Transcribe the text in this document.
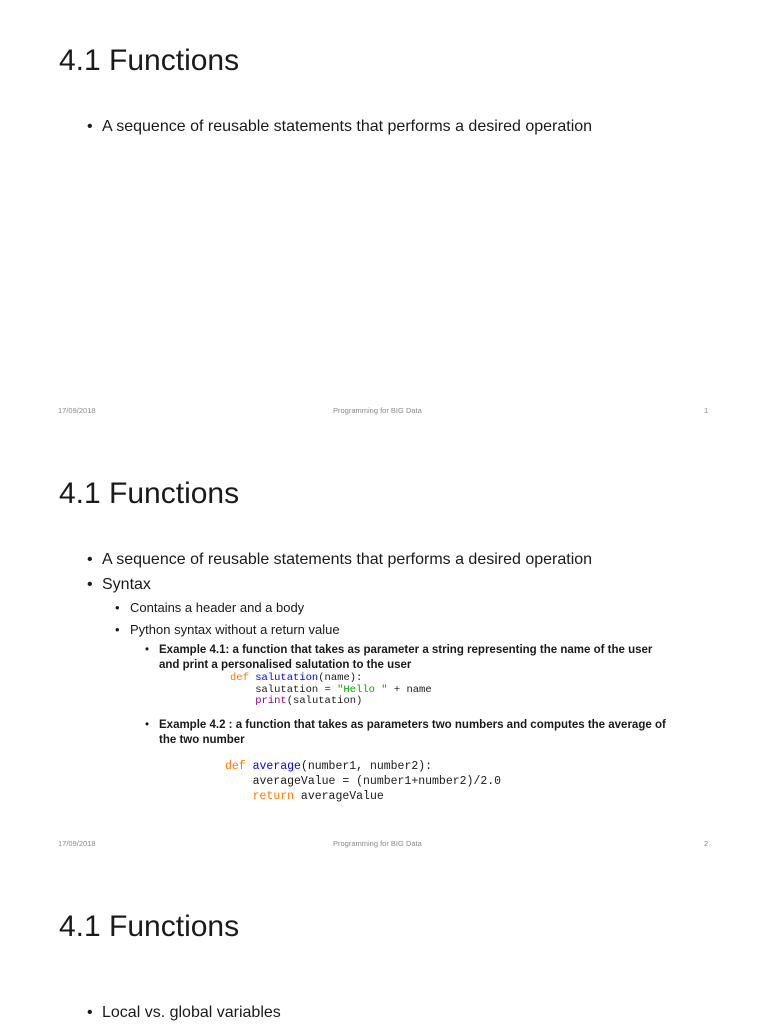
4.1 Functions
• A sequence of reusable statements that performs a desired operation
17/09/2018	Programming for BIG Data	1
4.1 Functions
• A sequence of reusable statements that performs a desired operation
• Syntax
• Contains a header and a body
• Python syntax without a return value
• Example 4.1: a function that takes as parameter a string representing the name of the user
and print a personalised salutation to the user
def salutation(name):
salutation = "Hello " + name
print(salutation)
• Example 4.2 : a function that takes as parameters two numbers and computes the average of
the two number
def average(number1, number2):
averageValue = (number1+number2)/2.0
return averageValue
17/09/2018	Programming for BIG Data	2
4.1 Functions
• Local vs. global variables
